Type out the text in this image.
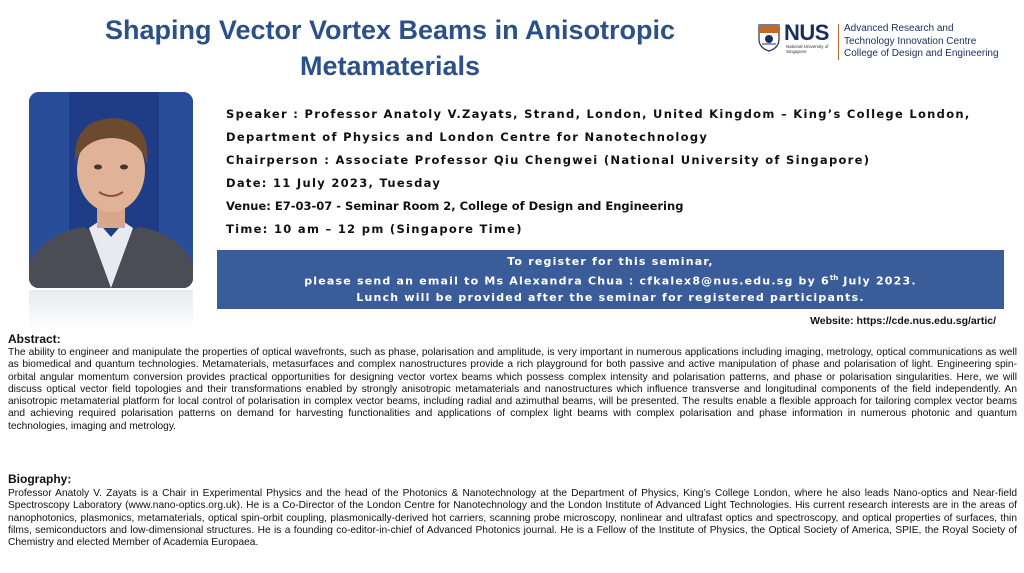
Shaping Vector Vortex Beams in Anisotropic Metamaterials
NUS
National University of Singapore
Advanced Research and
Technology Innovation Centre
College of Design and Engineering
Speaker : Professor Anatoly V.Zayats, Strand, London, United Kingdom – King’s College London,
Department of Physics and London Centre for Nanotechnology
Chairperson : Associate Professor Qiu Chengwei (National University of Singapore)
Date: 11 July 2023, Tuesday
Venue: E7-03-07 - Seminar Room 2, College of Design and Engineering
Time: 10 am – 12 pm (Singapore Time)
To register for this seminar,
please send an email to Ms Alexandra Chua : cfkalex8@nus.edu.sg by 6th July 2023.
Lunch will be provided after the seminar for registered participants.
Website: https://cde.nus.edu.sg/artic/
Abstract:
The ability to engineer and manipulate the properties of optical wavefronts, such as phase, polarisation and amplitude, is very important in numerous applications including imaging, metrology, optical communications as well as biomedical and quantum technologies. Metamaterials, metasurfaces and complex nanostructures provide a rich playground for both passive and active manipulation of phase and polarisation of light. Engineering spin-orbital angular momentum conversion provides practical opportunities for designing vector vortex beams which possess complex intensity and polarisation patterns, and phase or polarisation singularities. Here, we will discuss optical vector field topologies and their transformations enabled by strongly anisotropic metamaterials and nanostructures which influence transverse and longitudinal components of the field independently. An anisotropic metamaterial platform for local control of polarisation in complex vector beams, including radial and azimuthal beams, will be presented. The results enable a flexible approach for tailoring complex vector beams and achieving required polarisation patterns on demand for harvesting functionalities and applications of complex light beams with complex polarisation and phase information in numerous photonic and quantum technologies, imaging and metrology.
Biography:
Professor Anatoly V. Zayats is a Chair in Experimental Physics and the head of the Photonics & Nanotechnology at the Department of Physics, King’s College London, where he also leads Nano-optics and Near-field Spectroscopy Laboratory (www.nano-optics.org.uk). He is a Co-Director of the London Centre for Nanotechnology and the London Institute of Advanced Light Technologies. His current research interests are in the areas of nanophotonics, plasmonics, metamaterials, optical spin-orbit coupling, plasmonically-derived hot carriers, scanning probe microscopy, nonlinear and ultrafast optics and spectroscopy, and optical properties of surfaces, thin films, semiconductors and low-dimensional structures. He is a founding co-editor-in-chief of Advanced Photonics journal. He is a Fellow of the Institute of Physics, the Optical Society of America, SPIE, the Royal Society of Chemistry and elected Member of Academia Europaea.
